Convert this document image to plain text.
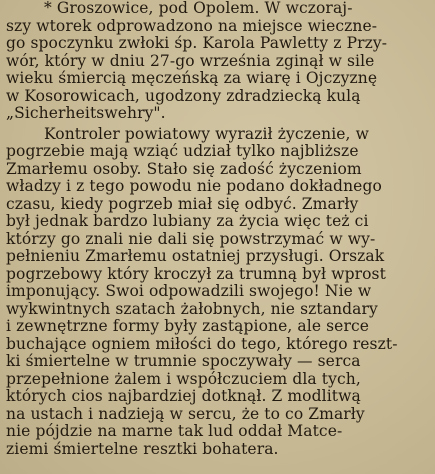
* Groszowice, pod Opolem. W wczoraj-
szy wtorek odprowadzono na miejsce wieczne-
go spoczynku zwłoki śp. Karola Pawletty z Przy-
wór, który w dniu 27-go września zginął w sile
wieku śmiercią męczeńską za wiarę i Ojczyznę
w Kosorowicach, ugodzony zdradziecką kulą
„Sicherheitswehry".
Kontroler powiatowy wyraził życzenie, w
pogrzebie mają wziąć udział tylko najbliższe
Zmarłemu osoby. Stało się zadość życzeniom
władzy i z tego powodu nie podano dokładnego
czasu, kiedy pogrzeb miał się odbyć. Zmarły
był jednak bardzo lubiany za życia więc też ci
którzy go znali nie dali się powstrzymać w wy-
pełnieniu Zmarłemu ostatniej przysługi. Orszak
pogrzebowy który kroczył za trumną był wprost
imponujący. Swoi odpowadzili swojego! Nie w
wykwintnych szatach żałobnych, nie sztandary
i zewnętrzne formy były zastąpione, ale serce
buchające ogniem miłości do tego, którego reszt-
ki śmiertelne w trumnie spoczywały — serca
przepełnione żalem i współczuciem dla tych,
których cios najbardziej dotknął. Z modlitwą
na ustach i nadzieją w sercu, że to co Zmarły
nie pójdzie na marne tak lud oddał Matce-
ziemi śmiertelne resztki bohatera.
